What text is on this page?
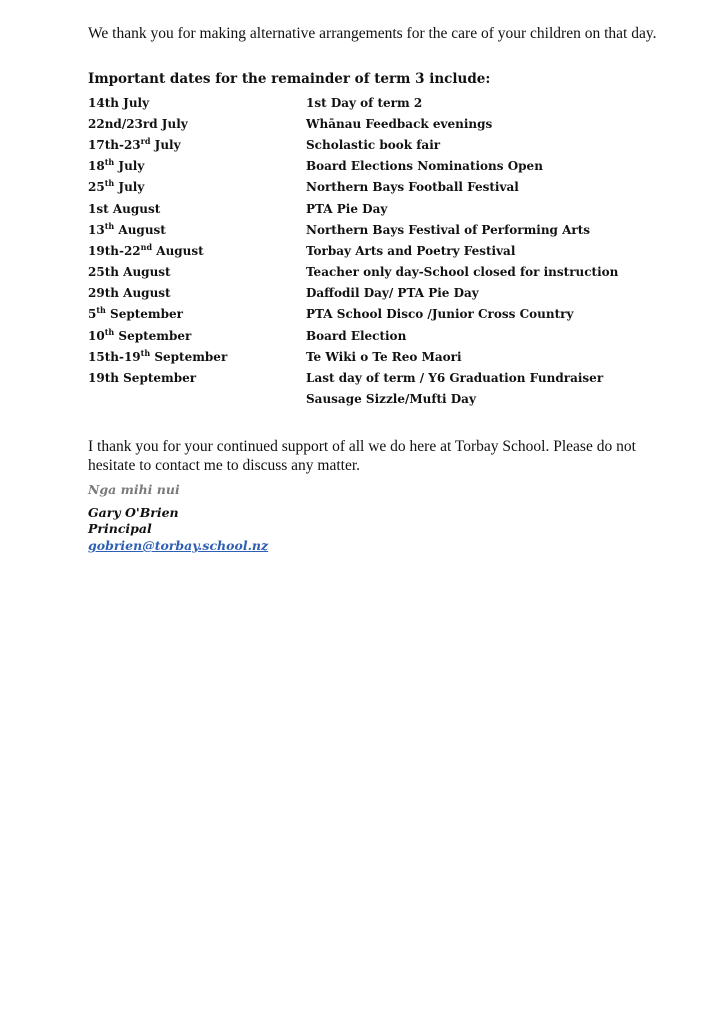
We thank you for making alternative arrangements for the care of your children on that day.
Important dates for the remainder of term 3 include:
14th July	1st Day of term 2
22nd/23rd July	Whānau Feedback evenings
17th-23rd July	Scholastic book fair
18th July	Board Elections Nominations Open
25th July	Northern Bays Football Festival
1st August	PTA Pie Day
13th August	Northern Bays Festival of Performing Arts
19th-22nd August	Torbay Arts and Poetry Festival
25th August	Teacher only day-School closed for instruction
29th August	Daffodil Day/ PTA Pie Day
5th September	PTA School Disco /Junior Cross Country
10th September	Board Election
15th-19th September	Te Wiki o Te Reo Maori
19th September	Last day of term / Y6 Graduation Fundraiser
Sausage Sizzle/Mufti Day
I thank you for your continued support of all we do here at Torbay School. Please do not hesitate to contact me to discuss any matter.
Nga mihi nui
Gary O'Brien
Principal
gobrien@torbay.school.nz
